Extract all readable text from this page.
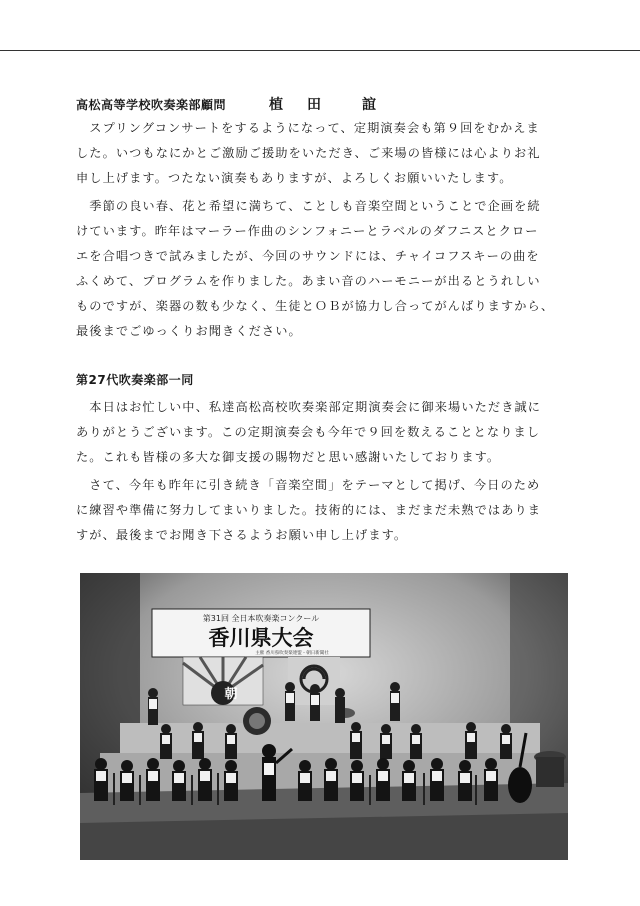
高松高等学校吹奏楽部顧問	植 田	誼
　スプリングコンサートをするようになって、定期演奏会も第９回をむかえま
した。いつもなにかとご激励ご援助をいただき、ご来場の皆様には心よりお礼
申し上げます。つたない演奏もありますが、よろしくお願いいたします。
　季節の良い春、花と希望に満ちて、ことしも音楽空間ということで企画を続
けています。昨年はマーラー作曲のシンフォニーとラベルのダフニスとクロー
エを合唱つきで試みましたが、今回のサウンドには、チャイコフスキーの曲を
ふくめて、プログラムを作りました。あまい音のハーモニーが出るとうれしい
ものですが、楽器の数も少なく、生徒とＯＢが協力し合ってがんばりますから、
最後までごゆっくりお聞きください。
第27代吹奏楽部一同
　本日はお忙しい中、私達高松高校吹奏楽部定期演奏会に御来場いただき誠に
ありがとうございます。この定期演奏会も今年で９回を数えることとなりまし
た。これも皆様の多大な御支援の賜物だと思い感謝いたしております。
　さて、今年も昨年に引き続き「音楽空間」をテーマとして掲げ、今日のため
に練習や準備に努力してまいりました。技術的には、まだまだ未熟ではありま
すが、最後までお聞き下さるようお願い申し上げます。
第31回 全日本吹奏楽コンクール
香川県大会
主催 香川県吹奏楽連盟・朝日新聞社
朝
